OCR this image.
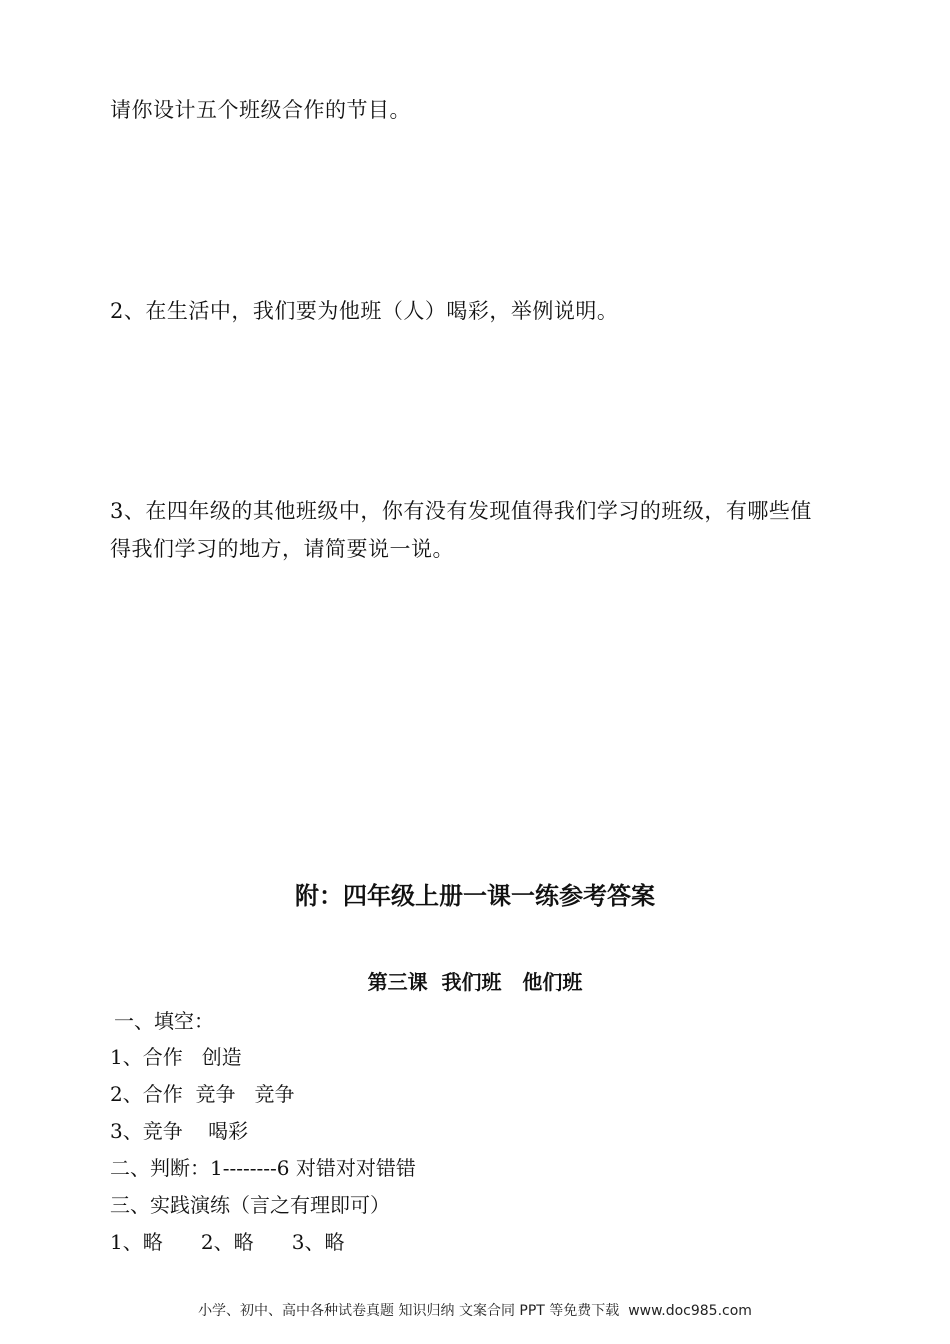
请你设计五个班级合作的节目。
2、在生活中，我们要为他班（人）喝彩，举例说明。
3、在四年级的其他班级中，你有没有发现值得我们学习的班级，有哪些值
得我们学习的地方，请简要说一说。
附：四年级上册一课一练参考答案
第三课  我们班   他们班
一、填空：
1、合作   创造
2、合作  竞争   竞争
3、竞争    喝彩
二、判断：1--------6 对错对对错错
三、实践演练（言之有理即可）
1、略      2、略      3、略
小学、初中、高中各种试卷真题 知识归纳 文案合同 PPT 等免费下载  www.doc985.com
